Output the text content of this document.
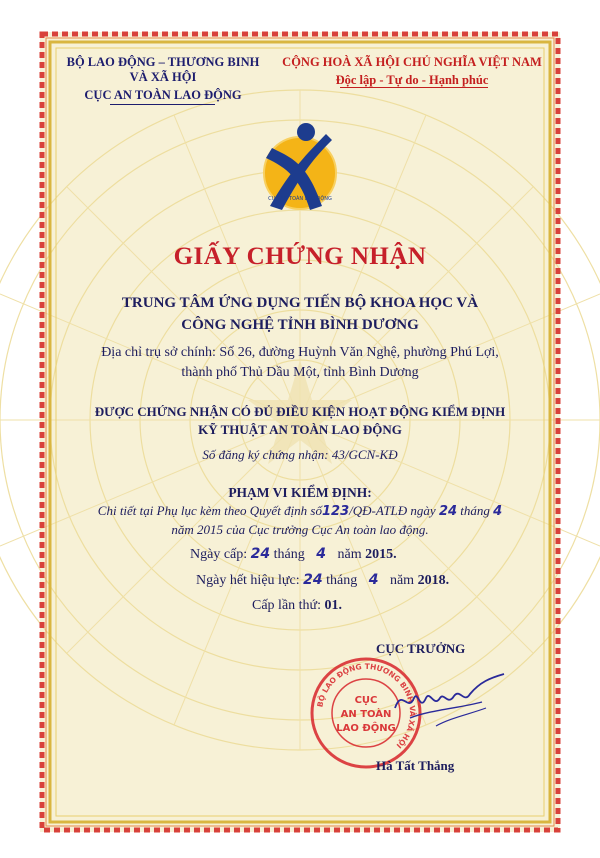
BỘ LAO ĐỘNG – THƯƠNG BINH
VÀ XÃ HỘI
CỤC AN TOÀN LAO ĐỘNG
CỘNG HOÀ XÃ HỘI CHỦ NGHĨA VIỆT NAM
Độc lập - Tự do - Hạnh phúc
CỤC AN TOÀN LAO ĐỘNG
GIẤY CHỨNG NHẬN
TRUNG TÂM ỨNG DỤNG TIẾN BỘ KHOA HỌC VÀ
CÔNG NGHỆ TỈNH BÌNH DƯƠNG
Địa chỉ trụ sở chính: Số 26, đường Huỳnh Văn Nghệ, phường Phú Lợi,
thành phố Thủ Dầu Một, tỉnh Bình Dương
ĐƯỢC CHỨNG NHẬN CÓ ĐỦ ĐIỀU KIỆN HOẠT ĐỘNG KIỂM ĐỊNH
KỸ THUẬT AN TOÀN LAO ĐỘNG
Số đăng ký chứng nhận: 43/GCN-KĐ
PHẠM VI KIỂM ĐỊNH:
Chi tiết tại Phụ lục kèm theo Quyết định số123/QĐ-ATLĐ ngày 24 tháng 4
năm 2015 của Cục trưởng Cục An toàn lao động.
Ngày cấp: 24 tháng 4 năm 2015.
Ngày hết hiệu lực: 24 tháng 4 năm 2018.
Cấp lần thứ: 01.
CỤC TRƯỞNG
BỘ LAO ĐỘNG THƯƠNG BINH VÀ XÃ HỘI
CỤC
AN TOÀN
LAO ĐỘNG
Hà Tất Thắng
